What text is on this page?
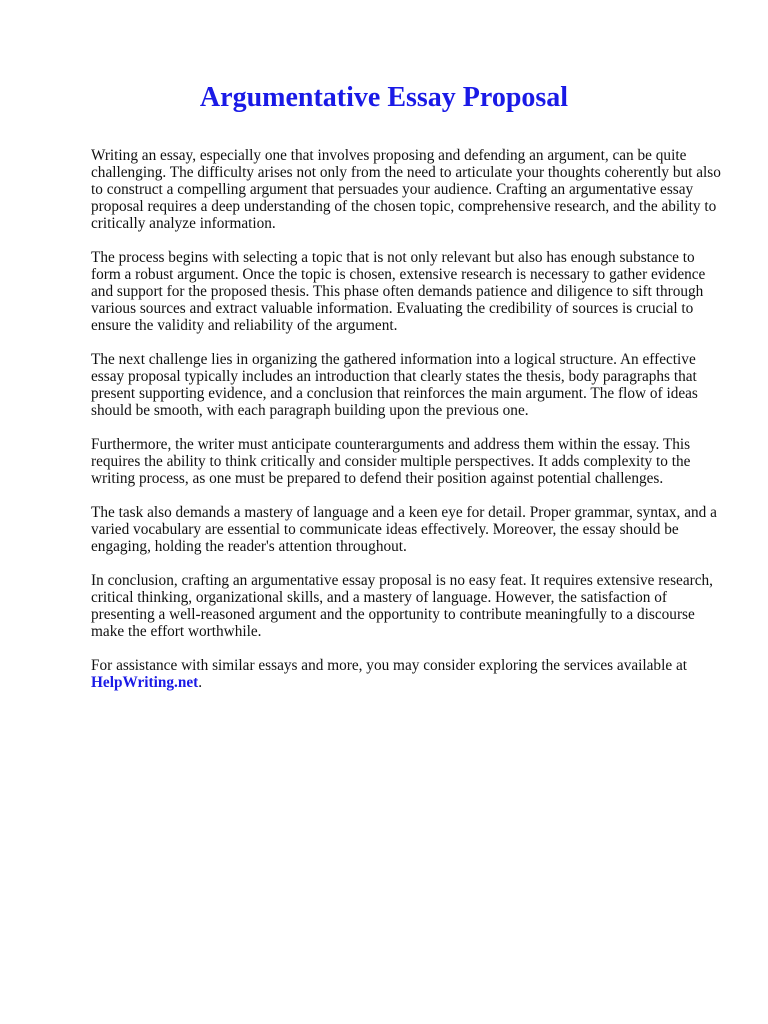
Argumentative Essay Proposal

Writing an essay, especially one that involves proposing and defending an argument, can be quite challenging. The difficulty arises not only from the need to articulate your thoughts coherently but also to construct a compelling argument that persuades your audience. Crafting an argumentative essay proposal requires a deep understanding of the chosen topic, comprehensive research, and the ability to critically analyze information.

The process begins with selecting a topic that is not only relevant but also has enough substance to form a robust argument. Once the topic is chosen, extensive research is necessary to gather evidence and support for the proposed thesis. This phase often demands patience and diligence to sift through various sources and extract valuable information. Evaluating the credibility of sources is crucial to ensure the validity and reliability of the argument.

The next challenge lies in organizing the gathered information into a logical structure. An effective essay proposal typically includes an introduction that clearly states the thesis, body paragraphs that present supporting evidence, and a conclusion that reinforces the main argument. The flow of ideas should be smooth, with each paragraph building upon the previous one.

Furthermore, the writer must anticipate counterarguments and address them within the essay. This requires the ability to think critically and consider multiple perspectives. It adds complexity to the writing process, as one must be prepared to defend their position against potential challenges.

The task also demands a mastery of language and a keen eye for detail. Proper grammar, syntax, and a varied vocabulary are essential to communicate ideas effectively. Moreover, the essay should be engaging, holding the reader's attention throughout.

In conclusion, crafting an argumentative essay proposal is no easy feat. It requires extensive research, critical thinking, organizational skills, and a mastery of language. However, the satisfaction of presenting a well-reasoned argument and the opportunity to contribute meaningfully to a discourse make the effort worthwhile.

For assistance with similar essays and more, you may consider exploring the services available at
HelpWriting.net.
